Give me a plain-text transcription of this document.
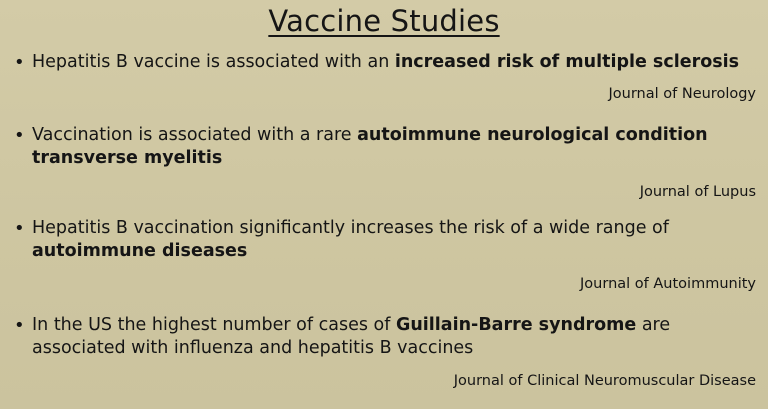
Vaccine Studies
• Hepatitis B vaccine is associated with an increased risk of multiple sclerosis
Journal of Neurology
• Vaccination is associated with a rare autoimmune neurological condition transverse myelitis
Journal of Lupus
• Hepatitis B vaccination significantly increases the risk of a wide range of autoimmune diseases
Journal of Autoimmunity
• In the US the highest number of cases of Guillain-Barre syndrome are associated with influenza and hepatitis B vaccines
Journal of Clinical Neuromuscular Disease
